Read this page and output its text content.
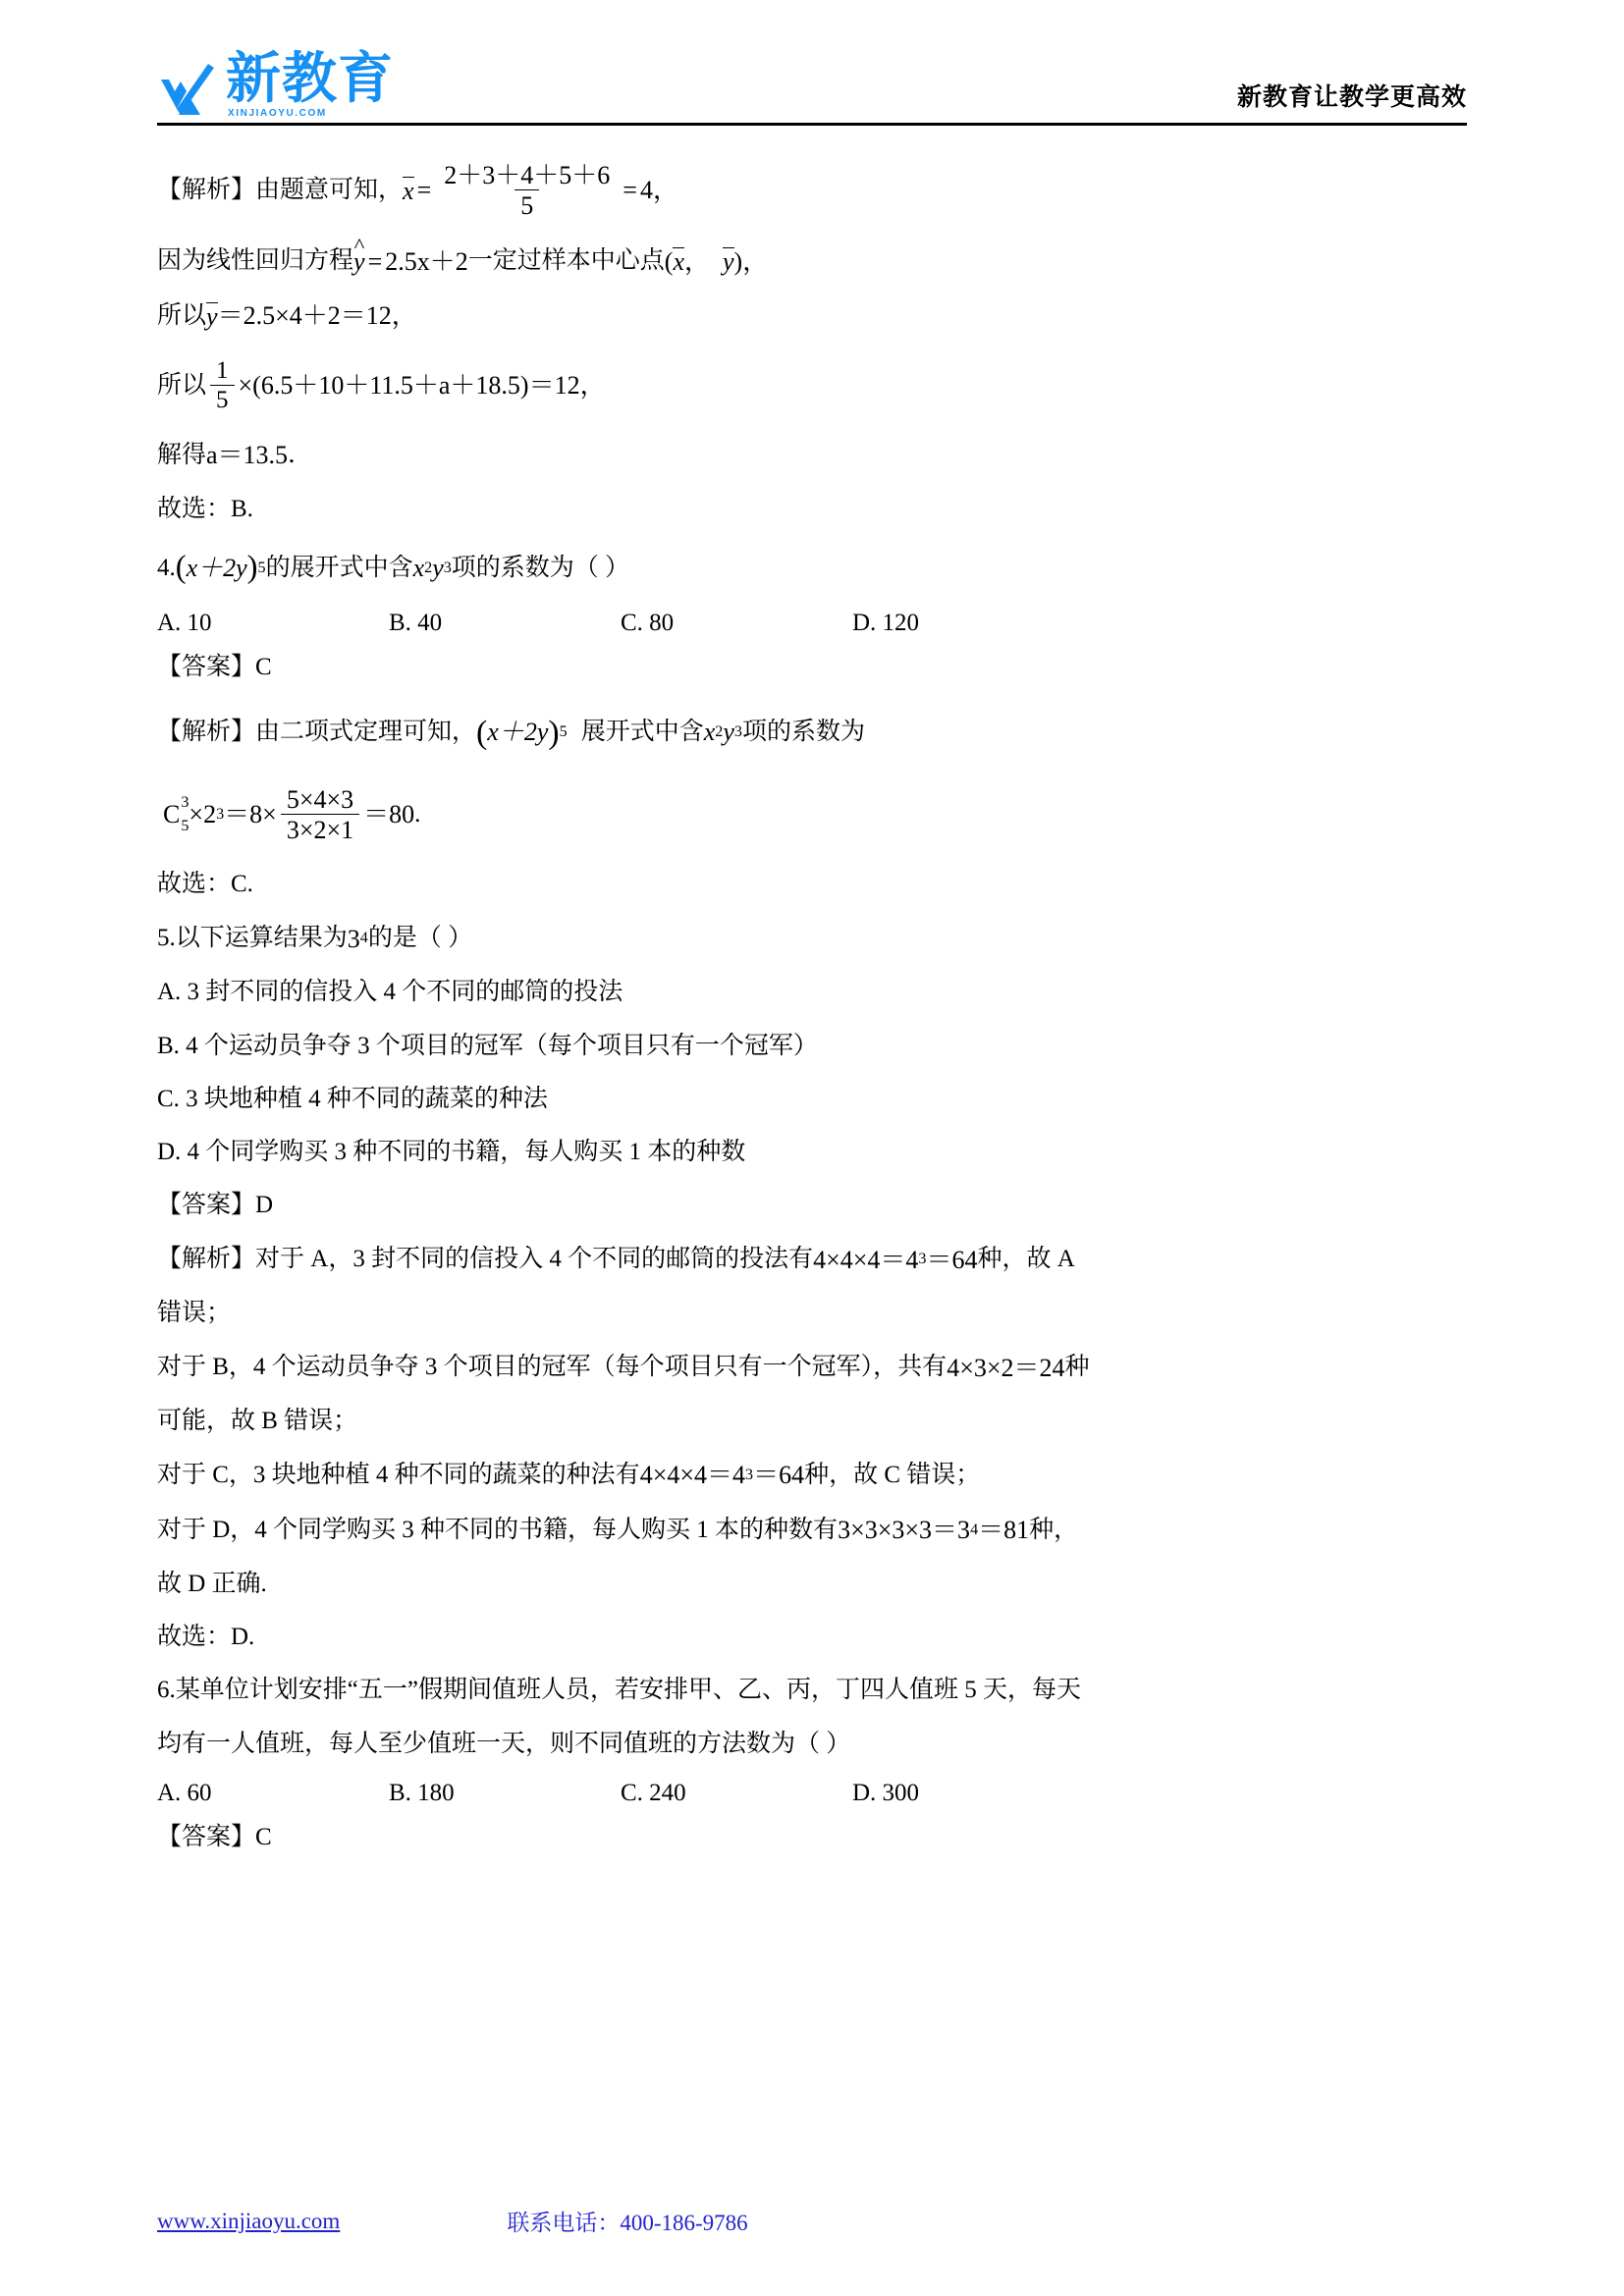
新教育
XINJIAOYU.COM
新教育让教学更高效
【解析】 由题意可知， $x = \frac{2+3+4+5+6}{5} = 4$ ，
因为线性回归方程 ^ y = 2.5x＋2 一定过样本中心点 ( x ， y ) ，
所以 y ＝2.5×4＋2＝12 ，
所以 $\frac{1}{5} \times(6.5+10+11.5+a+18.5)=12$ ，
解得 a＝13.5 ．
故选：B.
4. ( x＋2y ) 5 的展开式中含 x 2 y 3 项的系数为（ ）
A. 10	B. 40	C. 80	D. 120
【答案】 C
【解析】 由二项式定理可知， ( x＋2y ) 5 展开式中含 x 2 y 3 项的系数为
C 3
5 ×2 $3 =8\times \frac{5\times 4\times 3}{3\times 2\times 1} =80$ .
故选：C.
5. 以下运算结果为 3 4 的是（ ）
A. 3 封不同的信投入 4 个不同的邮筒的投法
B. 4 个运动员争夺 3 个项目的冠军（每个项目只有一个冠军）
C. 3 块地种植 4 种不同的蔬菜的种法
D. 4 个同学购买 3 种不同的书籍，每人购买 1 本的种数
【答案】 D
【解析】 对于 A，3 封不同的信投入 4 个不同的邮筒的投法有 4×4×4＝4 3 ＝64 种，故 A
错误；
对于 B，4 个运动员争夺 3 个项目的冠军（每个项目只有一个冠军），共有 4×3×2＝24 种
可能，故 B 错误；
对于 C，3 块地种植 4 种不同的蔬菜的种法有 4×4×4＝4 3 ＝64 种，故 C 错误；
对于 D，4 个同学购买 3 种不同的书籍，每人购买 1 本的种数有 3×3×3×3＝3 4 ＝81 种，
故 D 正确.
故选：D.
6. 某单位计划安排“五一”假期间值班人员，若安排甲、乙、丙，丁四人值班 5 天，每天
均有一人值班，每人至少值班一天，则不同值班的方法数为（ ）
A. 60	B. 180	C. 240	D. 300
【答案】 C
www.xinjiaoyu.com	联系电话：400-186-9786
